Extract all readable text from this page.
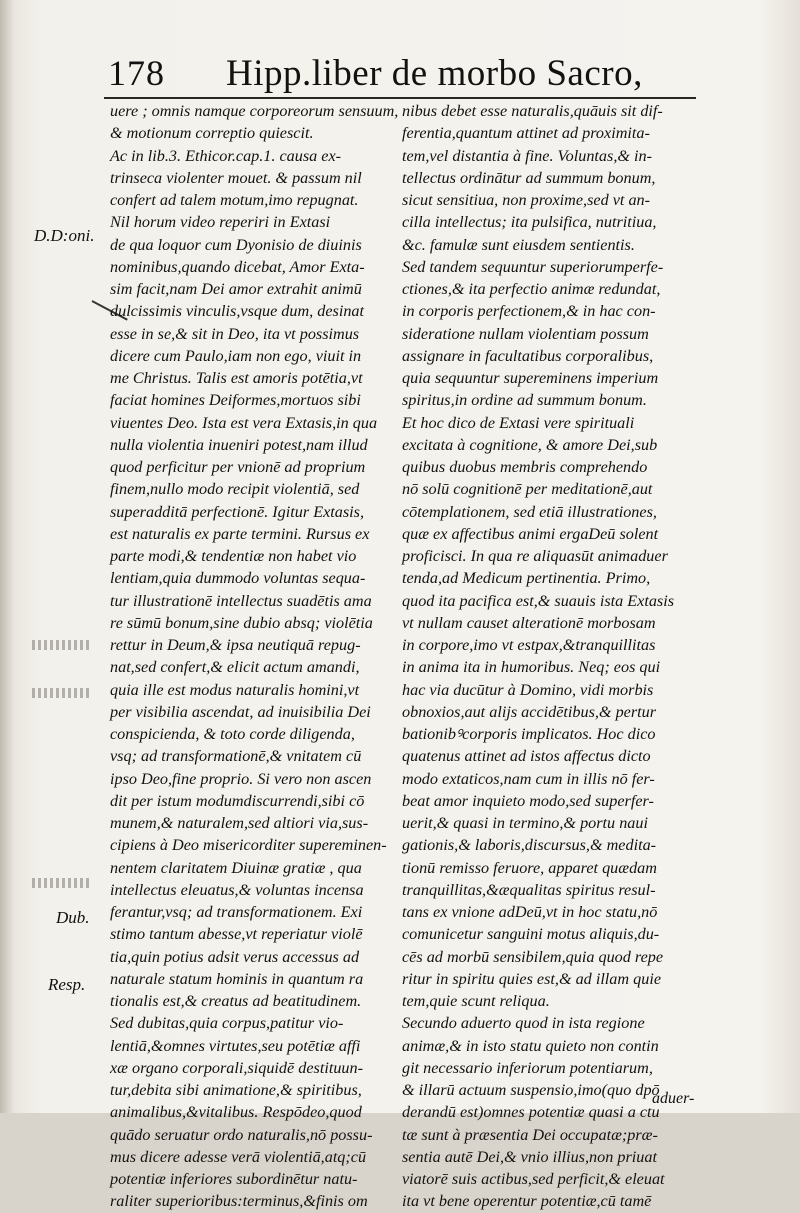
178 Hipp.liber de morbo Sacro,
D.D:oni.
Dub.
Resp.
uere ; omnis namque corporeorum sensuum,
& motionum correptio quiescit.
Ac in lib.3. Ethicor.cap.1. causa ex-
trinseca violenter mouet. & passum nil
confert ad talem motum,imo repugnat.
Nil horum video reperiri in Extasi
de qua loquor cum Dyonisio de diuinis
nominibus,quando dicebat, Amor Exta-
sim facit,nam Dei amor extrahit animū
dulcissimis vinculis,vsque dum, desinat
esse in se,& sit in Deo, ita vt possimus
dicere cum Paulo,iam non ego, viuit in
me Christus. Talis est amoris potētia,vt
faciat homines Deiformes,mortuos sibi
viuentes Deo. Ista est vera Extasis,in qua
nulla violentia inueniri potest,nam illud
quod perficitur per vnionē ad proprium
finem,nullo modo recipit violentiā, sed
superadditā perfectionē. Igitur Extasis,
est naturalis ex parte termini. Rursus ex
parte modi,& tendentiæ non habet vio
lentiam,quia dummodo voluntas sequa-
tur illustrationē intellectus suadētis ama
re sūmū bonum,sine dubio absq; violētia
rettur in Deum,& ipsa neutiquā repug-
nat,sed confert,& elicit actum amandi,
quia ille est modus naturalis homini,vt
per visibilia ascendat, ad inuisibilia Dei
conspicienda, & toto corde diligenda,
vsq; ad transformationē,& vnitatem cū
ipso Deo,fine proprio. Si vero non ascen
dit per istum modumdiscurrendi,sibi cō
munem,& naturalem,sed altiori via,sus-
cipiens à Deo misericorditer supereminen-
nentem claritatem Diuinæ gratiæ , qua
intellectus eleuatus,& voluntas incensa
ferantur,vsq; ad transformationem. Exi
stimo tantum abesse,vt reperiatur violē
tia,quin potius adsit verus accessus ad
naturale statum hominis in quantum ra
tionalis est,& creatus ad beatitudinem.
Sed dubitas,quia corpus,patitur vio-
lentiā,&omnes virtutes,seu potētiæ affi
xæ organo corporali,siquidē destituun-
tur,debita sibi animatione,& spiritibus,
animalibus,&vitalibus. Respōdeo,quod
quādo seruatur ordo naturalis,nō possu-
mus dicere adesse verā violentiā,atq;cū
potentiæ inferiores subordinētur natu-
raliter superioribus:terminus,&finis om
nibus debet esse naturalis,quāuis sit dif-
ferentia,quantum attinet ad proximita-
tem,vel distantia à fine. Voluntas,& in-
tellectus ordinātur ad summum bonum,
sicut sensitiua, non proxime,sed vt an-
cilla intellectus; ita pulsifica, nutritiua,
&c. famulæ sunt eiusdem sentientis.
Sed tandem sequuntur superiorumperfe-
ctiones,& ita perfectio animæ redundat,
in corporis perfectionem,& in hac con-
sideratione nullam violentiam possum
assignare in facultatibus corporalibus,
quia sequuntur supereminens imperium
spiritus,in ordine ad summum bonum.
Et hoc dico de Extasi vere spirituali
excitata à cognitione, & amore Dei,sub
quibus duobus membris comprehendo
nō solū cognitionē per meditationē,aut
cōtemplationem, sed etiā illustrationes,
quæ ex affectibus animi ergaDeū solent
proficisci. In qua re aliquasūt animaduer
tenda,ad Medicum pertinentia. Primo,
quod ita pacifica est,& suauis ista Extasis
vt nullam causet alterationē morbosam
in corpore,imo vt estpax,&tranquillitas
in anima ita in humoribus. Neq; eos qui
hac via ducūtur à Domino, vidi morbis
obnoxios,aut alijs accidētibus,& pertur
bationibꝰcorporis implicatos. Hoc dico
quatenus attinet ad istos affectus dicto
modo extaticos,nam cum in illis nō fer-
beat amor inquieto modo,sed superfer-
uerit,& quasi in termino,& portu naui
gationis,& laboris,discursus,& medita-
tionū remisso feruore, apparet quædam
tranquillitas,&æqualitas spiritus resul-
tans ex vnione adDeū,vt in hoc statu,nō
comunicetur sanguini motus aliquis,du-
cēs ad morbū sensibilem,quia quod repe
ritur in spiritu quies est,& ad illam quie
tem,quie scunt reliqua.
Secundo aduerto quod in ista regione
animæ,& in isto statu quieto non contin
git necessario inferiorum potentiarum,
& illarū actuum suspensio,imo(quo dpō
derandū est)omnes potentiæ quasi a ctu
tæ sunt à præsentia Dei occupatæ;præ-
sentia autē Dei,& vnio illius,non priuat
viatorē suis actibus,sed perficit,& eleuat
ita vt bene operentur potentiæ,cū tamē
aduer-
